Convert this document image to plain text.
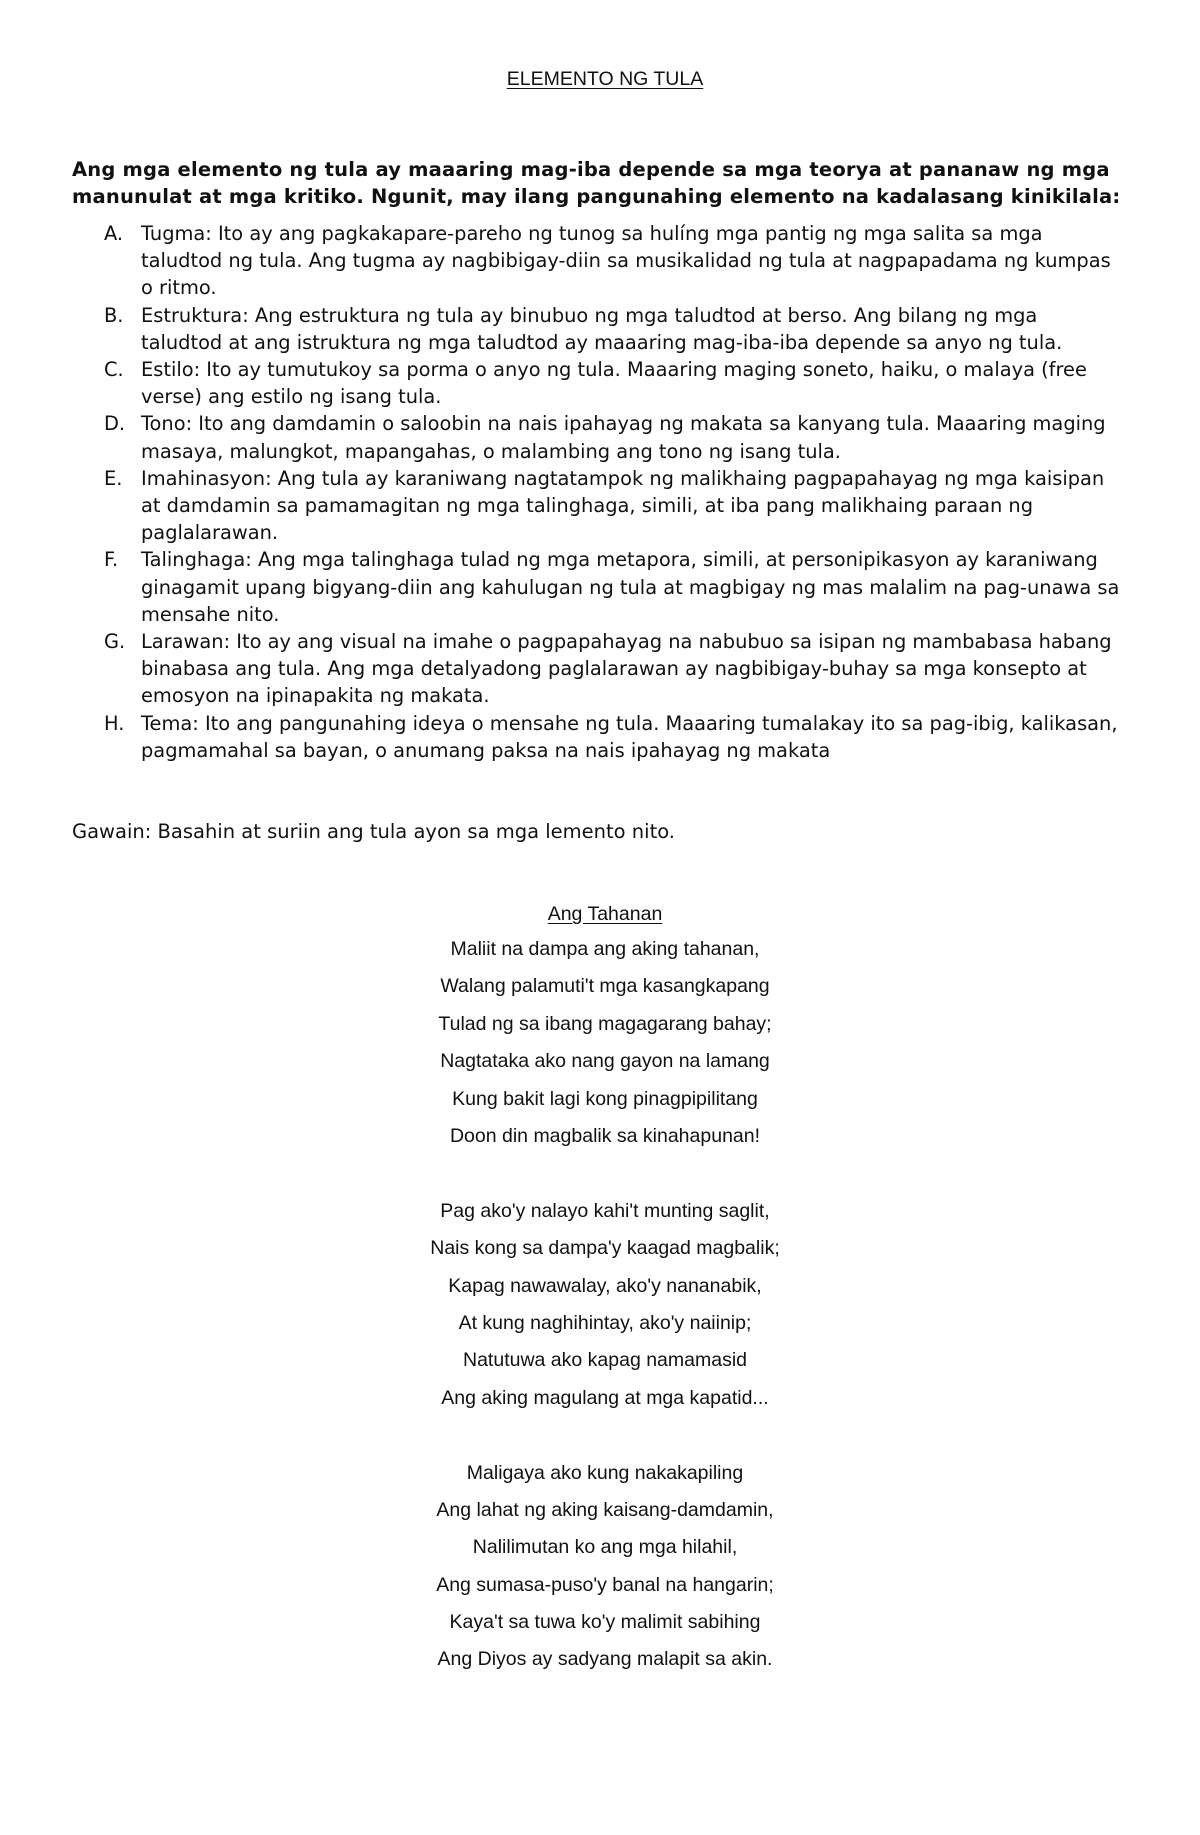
ELEMENTO NG TULA
Ang mga elemento ng tula ay maaaring mag-iba depende sa mga teorya at pananaw ng mga manunulat at mga kritiko. Ngunit, may ilang pangunahing elemento na kadalasang kinikilala:
A. Tugma: Ito ay ang pagkakapare-pareho ng tunog sa hulíng mga pantig ng mga salita sa mga taludtod ng tula. Ang tugma ay nagbibigay-diin sa musikalidad ng tula at nagpapadama ng kumpas o ritmo.
B. Estruktura: Ang estruktura ng tula ay binubuo ng mga taludtod at berso. Ang bilang ng mga taludtod at ang istruktura ng mga taludtod ay maaaring mag-iba-iba depende sa anyo ng tula.
C. Estilo: Ito ay tumutukoy sa porma o anyo ng tula. Maaaring maging soneto, haiku, o malaya (free verse) ang estilo ng isang tula.
D. Tono: Ito ang damdamin o saloobin na nais ipahayag ng makata sa kanyang tula. Maaaring maging masaya, malungkot, mapangahas, o malambing ang tono ng isang tula.
E. Imahinasyon: Ang tula ay karaniwang nagtatampok ng malikhaing pagpapahayag ng mga kaisipan at damdamin sa pamamagitan ng mga talinghaga, simili, at iba pang malikhaing paraan ng paglalarawan.
F. Talinghaga: Ang mga talinghaga tulad ng mga metapora, simili, at personipikasyon ay karaniwang ginagamit upang bigyang-diin ang kahulugan ng tula at magbigay ng mas malalim na pag-unawa sa mensahe nito.
G. Larawan: Ito ay ang visual na imahe o pagpapahayag na nabubuo sa isipan ng mambabasa habang binabasa ang tula. Ang mga detalyadong paglalarawan ay nagbibigay-buhay sa mga konsepto at emosyon na ipinapakita ng makata.
H. Tema: Ito ang pangunahing ideya o mensahe ng tula. Maaaring tumalakay ito sa pag-ibig, kalikasan, pagmamahal sa bayan, o anumang paksa na nais ipahayag ng makata
Gawain: Basahin at suriin ang tula ayon sa mga lemento nito.
Ang Tahanan
Maliit na dampa ang aking tahanan,
Walang palamuti't mga kasangkapang
Tulad ng sa ibang magagarang bahay;
Nagtataka ako nang gayon na lamang
Kung bakit lagi kong pinagpipilitang
Doon din magbalik sa kinahapunan!
Pag ako'y nalayo kahi't munting saglit,
Nais kong sa dampa'y kaagad magbalik;
Kapag nawawalay, ako'y nananabik,
At kung naghihintay, ako'y naiinip;
Natutuwa ako kapag namamasid
Ang aking magulang at mga kapatid...
Maligaya ako kung nakakapiling
Ang lahat ng aking kaisang-damdamin,
Nalilimutan ko ang mga hilahil,
Ang sumasa-puso'y banal na hangarin;
Kaya't sa tuwa ko'y malimit sabihing
Ang Diyos ay sadyang malapit sa akin.
